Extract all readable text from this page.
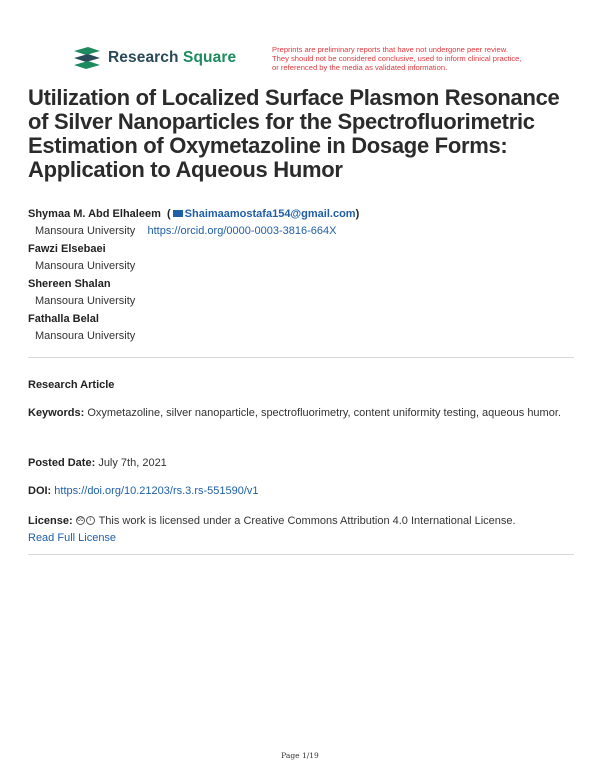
Research Square	Preprints are preliminary reports that have not undergone peer review.
They should not be considered conclusive, used to inform clinical practice,
or referenced by the media as validated information.
Utilization of Localized Surface Plasmon Resonance of Silver Nanoparticles for the Spectrofluorimetric Estimation of Oxymetazoline in Dosage Forms: Application to Aqueous Humor
Shymaa M. Abd Elhaleem  ( Shaimaamostafa154@gmail.com)
Mansoura University https://orcid.org/0000-0003-3816-664X
Fawzi Elsebaei
Mansoura University
Shereen Shalan
Mansoura University
Fathalla Belal
Mansoura University
Research Article
Keywords: Oxymetazoline, silver nanoparticle, spectrofluorimetry, content uniformity testing, aqueous humor.
Posted Date: July 7th, 2021
DOI: https://doi.org/10.21203/rs.3.rs-551590/v1
License: cc i This work is licensed under a Creative Commons Attribution 4.0 International License.
Read Full License
Page 1/19
